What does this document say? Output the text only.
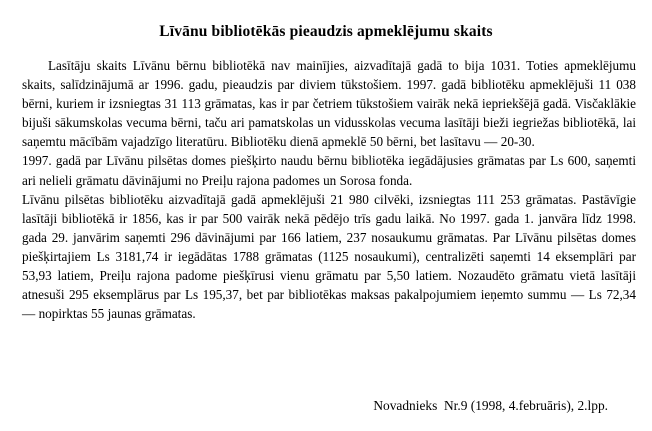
Līvānu bibliotēkās pieaudzis apmeklējumu skaits

Lasītāju skaits Līvānu bērnu bibliotēkā nav mainījies, aizvadītajā gadā to bija 1031. Toties apmeklējumu skaits, salīdzinājumā ar 1996. gadu, pieaudzis par diviem tūkstošiem. 1997. gadā bibliotēku apmeklējuši 11 038 bērni, kuriem ir izsniegtas 31 113 grāmatas, kas ir par četriem tūkstošiem vairāk nekā iepriekšējā gadā. Visčaklākie bijuši sākumskolas vecuma bērni, taču ari pamatskolas un vidusskolas vecuma lasītāji bieži iegriežas bibliotēkā, lai saņemtu mācībām vajadzīgo literatūru. Bibliotēku dienā apmeklē 50 bērni, bet lasītavu — 20-30.

1997. gadā par Līvānu pilsētas domes piešķirto naudu bērnu bibliotēka iegādājusies grāmatas par Ls 600, saņemti ari nelieli grāmatu dāvinājumi no Preiļu rajona padomes un Sorosa fonda.

Līvānu pilsētas bibliotēku aizvadītajā gadā apmeklējuši 21 980 cilvēki, izsniegtas 111 253 grāmatas. Pastāvīgie lasītāji bibliotēkā ir 1856, kas ir par 500 vairāk nekā pēdējo trīs gadu laikā. No 1997. gada 1. janvāra līdz 1998. gada 29. janvārim saņemti 296 dāvinājumi par 166 latiem, 237 nosaukumu grāmatas. Par Līvānu pilsētas domes piešķirtajiem Ls 3181,74 ir iegādātas 1788 grāmatas (1125 nosaukumi), centralizēti saņemti 14 eksemplāri par 53,93 latiem, Preiļu rajona padome piešķīrusi vienu grāmatu par 5,50 latiem. Nozaudēto grāmatu vietā lasītāji atnesuši 295 eksemplārus par Ls 195,37, bet par bibliotēkas maksas pakalpojumiem ieņemto summu — Ls 72,34 — nopirktas 55 jaunas grāmatas.

Novadnieks  Nr.9 (1998, 4.februāris), 2.lpp.
